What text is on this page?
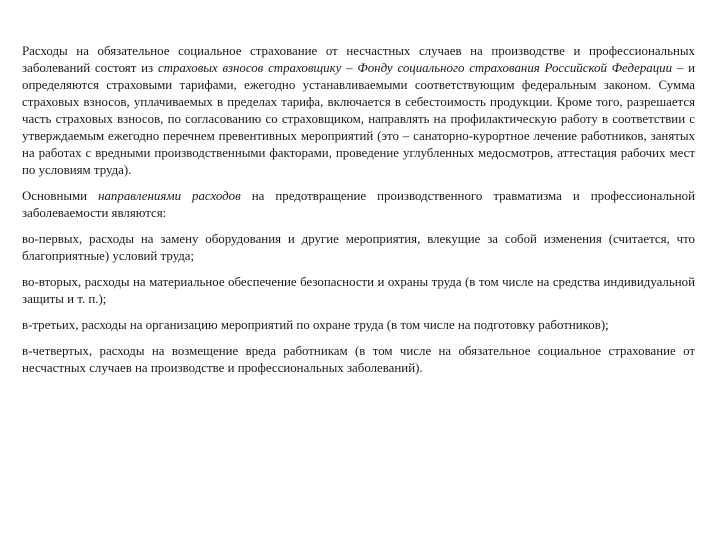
Расходы на обязательное социальное страхование от несчастных случаев на производстве и профессиональных заболеваний состоят из страховых взносов страховщику – Фонду социального страхования Российской Федерации – и определяются страховыми тарифами, ежегодно устанавливаемыми соответствующим федеральным законом. Сумма страховых взносов, уплачиваемых в пределах тарифа, включается в себестоимость продукции. Кроме того, разрешается часть страховых взносов, по согласованию со страховщиком, направлять на профилактическую работу в соответствии с утверждаемым ежегодно перечнем превентивных мероприятий (это – санаторно-курортное лечение работников, занятых на работах с вредными производственными факторами, проведение углубленных медосмотров, аттестация рабочих мест по условиям труда).

Основными направлениями расходов на предотвращение производственного травматизма и профессиональной заболеваемости являются:

во-первых, расходы на замену оборудования и другие мероприятия, влекущие за собой изменения (считается, что благоприятные) условий труда;

во-вторых, расходы на материальное обеспечение безопасности и охраны труда (в том числе на средства индивидуальной защиты и т. п.);

в-третьих, расходы на организацию мероприятий по охране труда (в том числе на подготовку работников);

в-четвертых, расходы на возмещение вреда работникам (в том числе на обязательное социальное страхование от несчастных случаев на производстве и профессиональных заболеваний).
